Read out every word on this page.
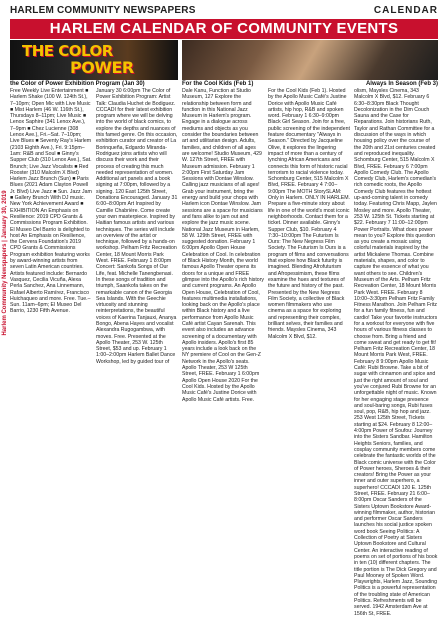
Harlem Community Newspapers | January 30, 2019
HARLEM COMMUNITY NEWSPAPERS	CALENDAR
HARLEM CALENDAR OF COMMUNITY EVENTS
THE COLOR
POWER
the Color of Power Exhibition Program (Jan 30)	For the Cool Kids (Feb 1)	Always In Season (Feb 3)
Free Weekly Live Entertainment ■ Harlem Shake (100 W. 124th St.), 7–10pm; Open Mic with Live Music ■ Mist Harlem (46 W. 116th St.), Thursdays 8–11pm; Live Music ■ Lenox Saphire (341 Lenox Ave.), 7–9pm ■ Chez Lucienne (308 Lenox Ave.), Fri.–Sat. 7–10pm; Live Blues ■ Seventy Ray's Harlem (2103 Eighth Ave.), Fri. 9:15pm–1am: R&B and Soul ■ Ginny's Supper Club (310 Lenox Ave.), Sat. Brunch; Live Jazz Vocalists ■ Red Rooster (310 Malcolm X Blvd) Harlem Jazz Brunch (Sun) ■ Paris Blues (2021 Adam Clayton Powell Jr. Blvd) Live Jazz ■ Sun. Jazz Jam ■ Gallery Brunch With DJ music. New York Achievement Award ■ EXHIBITION An Emphasis on Resilience: 2019 CPD Grants & Commissions Program Exhibition. El Museo Del Barrio is delighted to host An Emphasis on Resilience, the Cervera Foundation's 2019 CPD Grants & Commissions Program exhibition featuring works by award-winning artists from seven Latin American countries. Artists featured include: Bernardo Vasquez, Cecilia Vicuña, Alexa Perla Sanchez, Ana Linnemann, Rafael Alberto Ramírez, Francisco Huichaqueo and more. Free. Tue.–Sun. 11am–6pm; El Museo Del Barrio, 1230 Fifth Avenue.
January 30 6:00pm The Color of Power Exhibition Program: Artist Talk: Claudia Huchet de Bodiguez. CCCADI for their latest exhibition program where we will be delving into the world of black comics, to explore the depths and nuances of this famed genre. On this occasion, exhibition curator and creator of La Borinqueña, Edgardo Miranda-Rodriguez joins artists who will discuss their work and their process of creating this much needed representation of women. Additional art panels and a book signing at 7:00pm, followed by a signing. 120 East 125th Street, Donations Encouraged. January 31 6:00–8:00pm Art Inspired by Camille Chabrière. Come create your own masterpiece. Inspired by Haitian famous artists and various techniques. The series will include an overview of the artist or technique, followed by a hands-on workshop. Pelham Fritz Recreation Center, 18 Mount Morris Park West. FREE. February 1 8:00pm Concert: Sankofa Songs of Our Life, feat. Michelle Tanengbenasi. In these songs of tradition and triumph, Saankofa takes on the remarkable canon of the Georgia Sea Islands. With the Geechie virtuosity and stunning reinterpretations, the beautiful voices of Kaerina Tanjauxi, Ananya Bongo, Abena Hayes and vocalist Alexandra Rugogambwa, with moves. Free. Presented at the Apollo Theater, 253 W. 125th Street, $53 and up. February 1 1:00–2:00pm Harlem Ballet Dance Workshop, led by guided tour of
Dale Kanu, Function at Studio Museum, 127 Explore the relationship between form and function in this National Jazz Museum in Harlem's program. Engage in a dialogue across mediums and objects as you consider the boundaries between art and utilitarian design. Adults, families, and children of all ages are welcome! Studio Museum, 429 W. 127th Street, FREE with Museum admission. February 1 2:00pm First Saturday Jam Sessions with Dontae Winslow. Calling jazz musicians of all ages! Grab your instrument, bring the energy and build your chops with Harlem icon Dontae Winslow. Jam sessions are a space for musicians and fans alike to jam out and explore the jazz music scene. National Jazz Museum in Harlem, 58 W. 129th Street, FREE with suggested donation. February 1 6:00pm Apollo Open House Celebration of Cool. In celebration of Black History Month, the world famous Apollo Theater opens its doors for a unique and FREE glimpse into the Apollo's rich history and current programs. An Apollo Open House, Celebration of Cool, features multimedia installations, looking back on the Apollo's place within Black history and a live performance from Apollo Music Café artist Cayan Sarenah. This event also includes an advance screening of a documentary with Apollo insiders. Apollo's first 85 years include a look back on the NY premiere of Cool on the Gen-Z Network in the Apollo's seats. Apollo Theater, 253 W 125th Street, FREE. February 1 6:00pm Apollo Open House 2020 For the Cool Kids. Hosted by the Apollo Music Café's Justine Dorice with Apollo Music Café artists. Free.
For the Cool Kids (Feb 1). Hosted by the Apollo Music Café's Justine Dorice with Apollo Music Café artists, hip hop, R&B and spoken word. February 1 6:30–9:00pm Black Girl Season. Join for a free, public screening of the independent feature documentary "Always in Season." Directed by Jacqueline Olive, it explores the lingering impact of more than a century of lynching African Americans and connects this form of historic racial terrorism to racial violence today. Schomburg Center, 515 Malcolm X Blvd, FREE. February 4 7:00–9:00pm The MOTH StorySLAM: Only in Harlem. ONLY IN HARLEM. Prepare a five-minute story about life in one of the world's most iconic neighborhoods. Contact them for a ticket. Dinner available. Ginny's Supper Club, $10. February 4 7:30–10:00pm The Futurism Is Ours: The New Negress Film Society. The Futurism Is Ours is a program of films and conversations that explore how Black futurity is imagined. Blending Afrofuturism and Afropessimism, these films examine the hues and textures of the future and history of the past. Presented by the New Negress Film Society, a collective of Black women filmmakers who use cinema as a space for exploring and representing their complex, brilliant selves, their families and friends. Maysles Cinema, 343 Malcolm X Blvd, $12.
olism, Maysles Cinema, 343 Malcolm X Blvd, $12. February 6 6:30–8:30pm Black Thought Decolonization in the Dim Couch Sauna and the Case for Reparations. Join historians Ruth, Taylor and Rathan Committee for a discussion of the ways in which housing policy over the course of the 20th and 21st centuries created and reproduced inequality. Schomburg Center, 515 Malcolm X Blvd, FREE. February 6 7:00pm Apollo Comedy Club. The Apollo Comedy Club, Harlem's comedian's rich comedic roots, the Apollo Comedy Club features the hottest up-and-coming talent in comedy today. Featuring Chris Mapp, Jaylen Mosley and more. Apollo Theater, 253 W. 125th St. Tickets starting at $22. February 7 11:00–12:00pm Power Portraits. What does power mean to you? Explore this question as you create a mosaic using colorful materials inspired by the artist Mickalene Thomas. Combine materials, shapes, and color to capture the essence of what you want others to see. Children's Museum of the Arts. Pelham Fritz Recreation Center, 18 Mount Morris Park West. FREE. February 8 10:00–3:30pm Pelham Fritz Family Fitness Marathon. Join Pelham Fritz for a fun family fitness, fun and cardio! Take your favorite instructors for a workout for everyone with five hours of various fitness classes to choose from. Bring a friend and come sweat and get ready to get fit! Pelham Fritz Recreation Center, 18 Mount Morris Park West, FREE. February 8 9:00pm Apollo Music Café: Rubi Browne. Take a bit of sugar with cinnamon and spice and just the right amount of soul and you've conjured Rubi Browne for an unforgettable night of music. Known for her engaging stage presence and soul-baring songs, Rubi fuses soul, pop, R&B, hip hop and jazz. 253 West 125th Street, Tickets starting at $24. February 8 12:00–4:00pm Power of Soufou: Journey into the Sisters Sandbar. Hamilton Heights Seniors, families, and cosplay community members come celebrate the fantastic worlds of the Black comic universe with the Color of Power heroes, Sheroes & their creators! Bring the Power as your inner and outer superhero, a superhero! CCCADI 120 E. 125th Street, FREE. February 21 6:00–8:00pm Oscar Sanders of the Sisters Uptown Bookstore Award-winning filmmaker, author, historian and performer Oscar Sanders launches his social justice spoken word book Seeing Politics: A Collection of Poetry at Sisters Uptown Bookstore and Cultural Center. An interactive reading of poems on set of portions of his book in ten (10) different chapters. The title portion is The Dick Gregory and Paul Mooney of Spoken Word. Playwrights, Harlem Jazz, Sounding Politics is a powerful representation of the troubling state of American Politics. Refreshments will be served. 1942 Amsterdam Ave at 156th St, FREE.
